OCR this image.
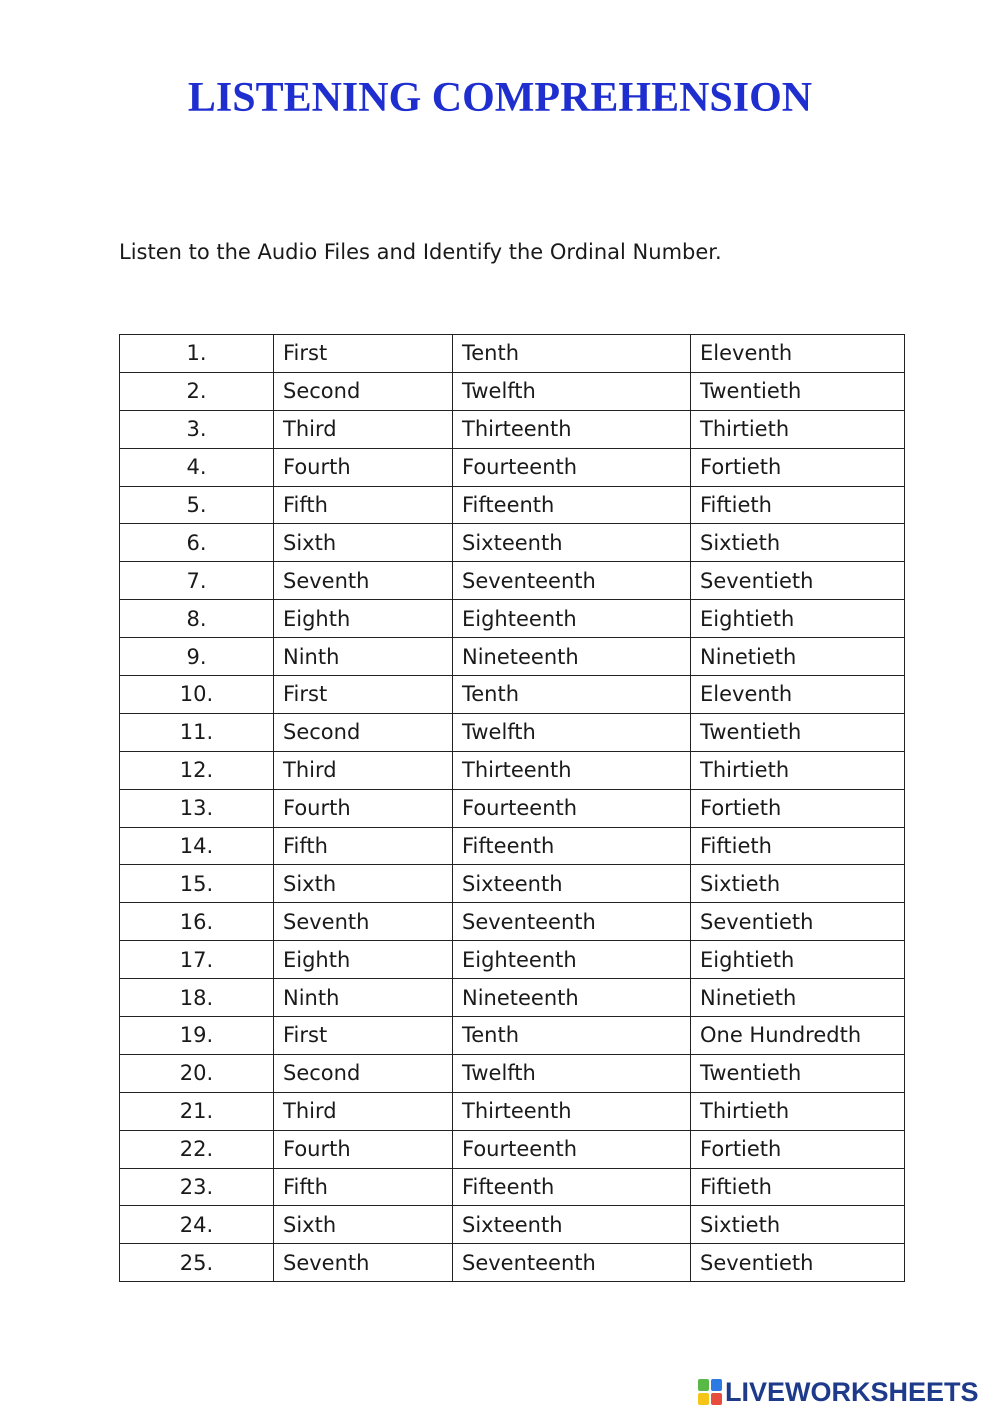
LISTENING COMPREHENSION

Listen to the Audio Files and Identify the Ordinal Number.

1.	First	Tenth	Eleventh
2.	Second	Twelfth	Twentieth
3.	Third	Thirteenth	Thirtieth
4.	Fourth	Fourteenth	Fortieth
5.	Fifth	Fifteenth	Fiftieth
6.	Sixth	Sixteenth	Sixtieth
7.	Seventh	Seventeenth	Seventieth
8.	Eighth	Eighteenth	Eightieth
9.	Ninth	Nineteenth	Ninetieth
10.	First	Tenth	Eleventh
11.	Second	Twelfth	Twentieth
12.	Third	Thirteenth	Thirtieth
13.	Fourth	Fourteenth	Fortieth
14.	Fifth	Fifteenth	Fiftieth
15.	Sixth	Sixteenth	Sixtieth
16.	Seventh	Seventeenth	Seventieth
17.	Eighth	Eighteenth	Eightieth
18.	Ninth	Nineteenth	Ninetieth
19.	First	Tenth	One Hundredth
20.	Second	Twelfth	Twentieth
21.	Third	Thirteenth	Thirtieth
22.	Fourth	Fourteenth	Fortieth
23.	Fifth	Fifteenth	Fiftieth
24.	Sixth	Sixteenth	Sixtieth
25.	Seventh	Seventeenth	Seventieth
LIVEWORKSHEETS
